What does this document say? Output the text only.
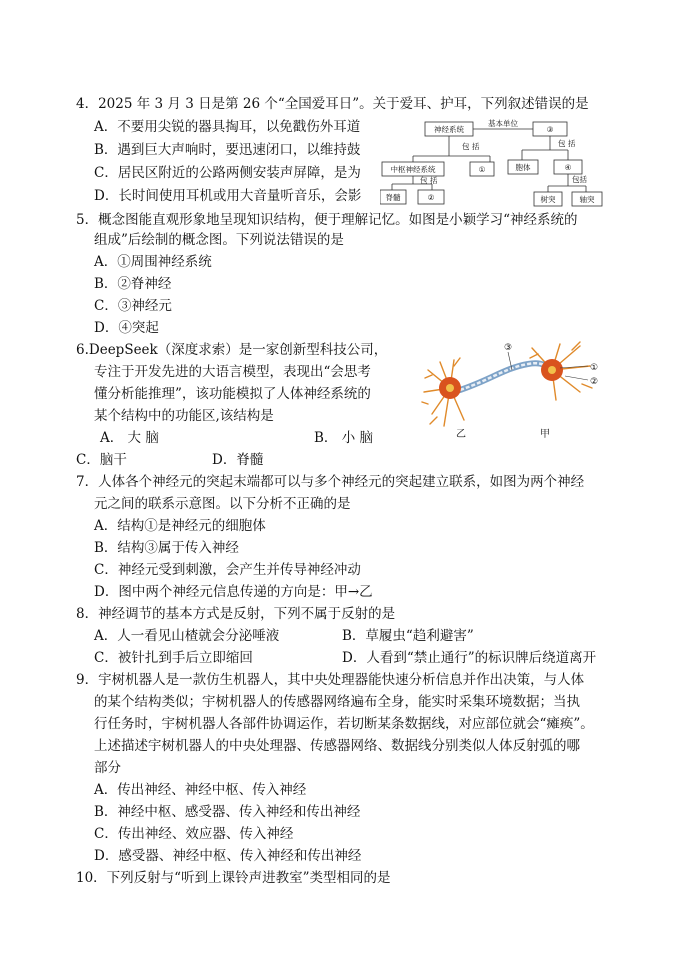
4．2025 年 3 月 3 日是第 26 个“全国爱耳日”。关于爱耳、护耳，下列叙述错误的是
A．不要用尖锐的器具掏耳，以免戳伤外耳道
B．遇到巨大声响时，要迅速闭口，以维持鼓
C．居民区附近的公路两侧安装声屏障，是为
D．长时间使用耳机或用大音量听音乐，会影
神经系统
基本单位
③
包 括
中枢神经系统	①
包 括
胞体	④
包 括
脊髓	②
包括
树突	轴突
5．概念图能直观形象地呈现知识结构，便于理解记忆。如图是小颖学习“神经系统的
组成”后绘制的概念图。下列说法错误的是
A．①周围神经系统
B．②脊神经
C．③神经元
D．④突起
6.DeepSeek（深度求索）是一家创新型科技公司，
专注于开发先进的大语言模型，表现出“会思考
懂分析能推理”，该功能模拟了人体神经系统的
某个结构中的功能区,该结构是
A． 大 脑	B． 小 脑
C．脑干	D．脊髓
①
②
③
乙	甲
7．人体各个神经元的突起末端都可以与多个神经元的突起建立联系，如图为两个神经
元之间的联系示意图。以下分析不正确的是
A．结构①是神经元的细胞体
B．结构③属于传入神经
C．神经元受到刺激，会产生并传导神经冲动
D．图中两个神经元信息传递的方向是：甲→乙
8．神经调节的基本方式是反射，下列不属于反射的是
A．人一看见山楂就会分泌唾液	B．草履虫“趋利避害”
C．被针扎到手后立即缩回	D．人看到“禁止通行”的标识牌后绕道离开
9．宇树机器人是一款仿生机器人，其中央处理器能快速分析信息并作出决策，与人体
的某个结构类似；宇树机器人的传感器网络遍布全身，能实时采集环境数据；当执
行任务时，宇树机器人各部件协调运作，若切断某条数据线，对应部位就会“瘫痪”。
上述描述宇树机器人的中央处理器、传感器网络、数据线分别类似人体反射弧的哪
部分
A．传出神经、神经中枢、传入神经
B．神经中枢、感受器、传入神经和传出神经
C．传出神经、效应器、传入神经
D．感受器、神经中枢、传入神经和传出神经
10．下列反射与“听到上课铃声进教室”类型相同的是
